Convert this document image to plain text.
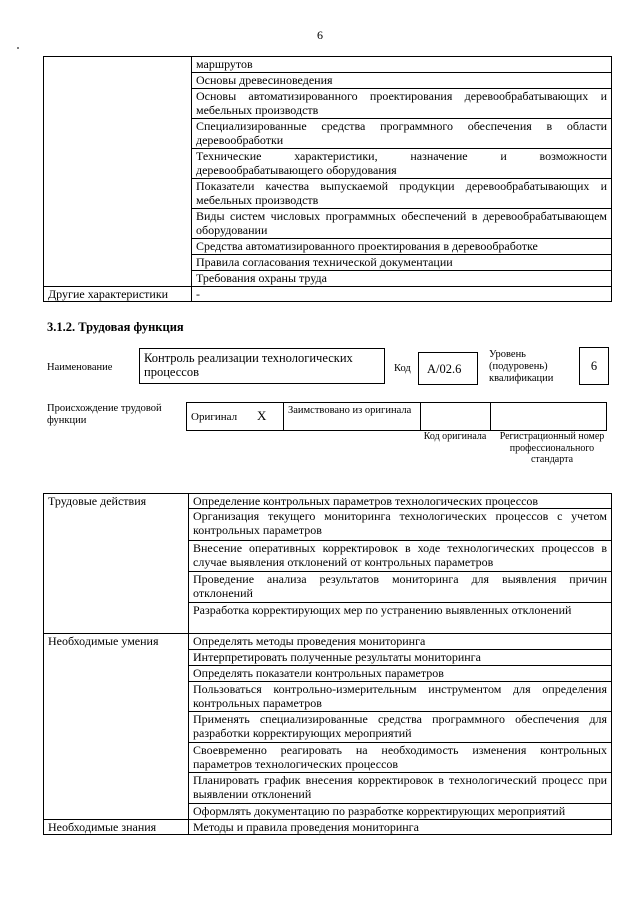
6
	маршрутов
	Основы древесиноведения
	Основы автоматизированного проектирования деревообрабатывающих и мебельных производств
	Специализированные средства программного обеспечения в области деревообработки
	Технические характеристики, назначение и возможности деревообрабатывающего оборудования
	Показатели качества выпускаемой продукции деревообрабатывающих и мебельных производств
	Виды систем числовых программных обеспечений в деревообрабатывающем оборудовании
	Средства автоматизированного проектирования в деревообработке
	Правила согласования технической документации
	Требования охраны труда
Другие характеристики	-
3.1.2. Трудовая функция
Наименование
Контроль реализации технологических процессов	Код	А/02.6
Уровень (подуровень) квалификации
6
Происхождение трудовой функции	Оригинал X	Заимствовано из оригинала		
Код оригинала	Регистрационный номер профессионального стандарта
Трудовые действия	Определение контрольных параметров технологических процессов
	Организация текущего мониторинга технологических процессов с учетом контрольных параметров
	Внесение оперативных корректировок в ходе технологических процессов в случае выявления отклонений от контрольных параметров
	Проведение анализа результатов мониторинга для выявления причин отклонений
	Разработка корректирующих мер по устранению выявленных отклонений
Необходимые умения	Определять методы проведения мониторинга
	Интерпретировать полученные результаты мониторинга
	Определять показатели контрольных параметров
	Пользоваться контрольно-измерительным инструментом для определения контрольных параметров
	Применять специализированные средства программного обеспечения для разработки корректирующих мероприятий
	Своевременно реагировать на необходимость изменения контрольных параметров технологических процессов
	Планировать график внесения корректировок в технологический процесс при выявлении отклонений
	Оформлять документацию по разработке корректирующих мероприятий
Необходимые знания	Методы и правила проведения мониторинга
